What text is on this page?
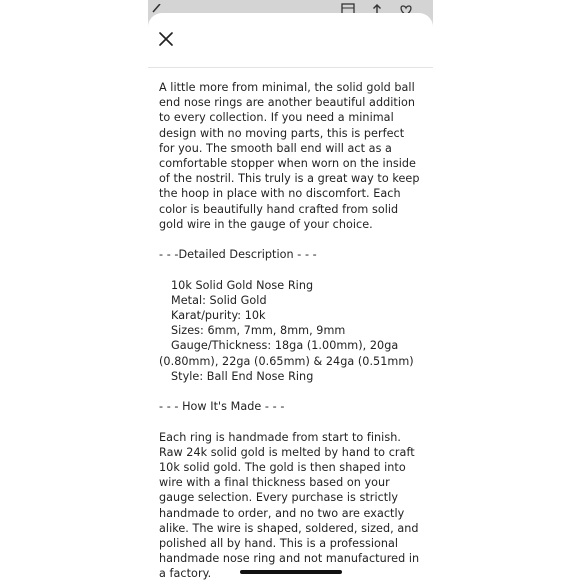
A little more from minimal, the solid gold ball end nose rings are another beautiful addition to every collection. If you need a minimal design with no moving parts, this is perfect for you. The smooth ball end will act as a comfortable stopper when worn on the inside of the nostril. This truly is a great way to keep the hoop in place with no discomfort. Each color is beautifully hand crafted from solid gold wire in the gauge of your choice.

- - -Detailed Description - - -

10k Solid Gold Nose Ring
Metal: Solid Gold
Karat/purity: 10k
Sizes: 6mm, 7mm, 8mm, 9mm
Gauge/Thickness: 18ga (1.00mm), 20ga (0.80mm), 22ga (0.65mm) & 24ga (0.51mm)
Style: Ball End Nose Ring

- - - How It's Made - - -

Each ring is handmade from start to finish. Raw 24k solid gold is melted by hand to craft 10k solid gold. The gold is then shaped into wire with a final thickness based on your gauge selection. Every purchase is strictly handmade to order, and no two are exactly alike. The wire is shaped, soldered, sized, and polished all by hand. This is a professional handmade nose ring and not manufactured in a factory.
